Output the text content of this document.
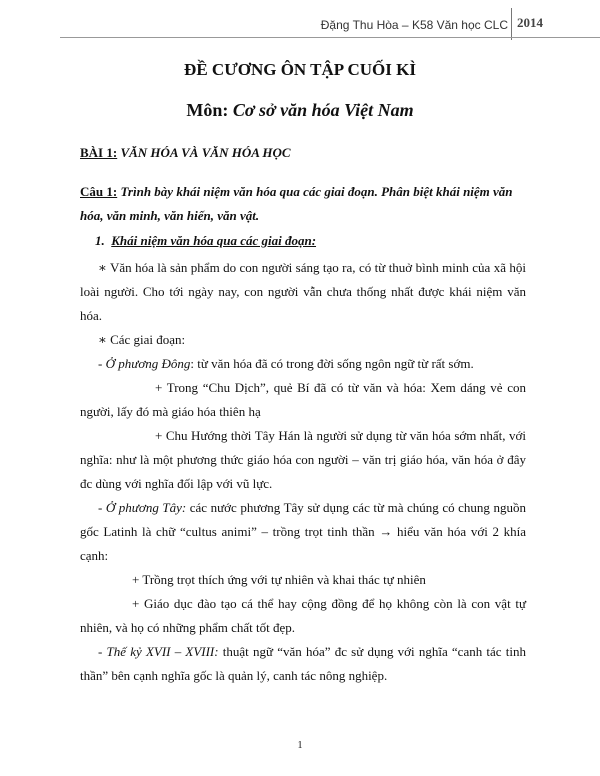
Đặng Thu Hòa – K58 Văn học CLC 2014
ĐỀ CƯƠNG ÔN TẬP CUỐI KÌ
Môn: Cơ sở văn hóa Việt Nam
BÀI 1: VĂN HÓA VÀ VĂN HÓA HỌC
Câu 1: Trình bày khái niệm văn hóa qua các giai đoạn. Phân biệt khái niệm văn hóa, văn minh, văn hiến, văn vật.
1. Khái niệm văn hóa qua các giai đoạn:
∗ Văn hóa là sản phẩm do con người sáng tạo ra, có từ thuở bình minh của xã hội loài người. Cho tới ngày nay, con người vẫn chưa thống nhất được khái niệm văn hóa.
∗ Các giai đoạn:
- Ở phương Đông: từ văn hóa đã có trong đời sống ngôn ngữ từ rất sớm.
+ Trong “Chu Dịch”, quẻ Bí đã có từ văn và hóa: Xem dáng vẻ con người, lấy đó mà giáo hóa thiên hạ
+ Chu Hướng thời Tây Hán là người sử dụng từ văn hóa sớm nhất, với nghĩa: như là một phương thức giáo hóa con người – văn trị giáo hóa, văn hóa ở đây đc dùng với nghĩa đối lập với vũ lực.
- Ở phương Tây: các nước phương Tây sử dụng các từ mà chúng có chung nguồn gốc Latinh là chữ “cultus animi” – trồng trọt tinh thần → hiểu văn hóa với 2 khía cạnh:
+ Trồng trọt thích ứng với tự nhiên và khai thác tự nhiên
+ Giáo dục đào tạo cá thể hay cộng đồng để họ không còn là con vật tự nhiên, và họ có những phẩm chất tốt đẹp.
- Thế kỷ XVII – XVIII: thuật ngữ “văn hóa” đc sử dụng với nghĩa “canh tác tinh thần” bên cạnh nghĩa gốc là quản lý, canh tác nông nghiệp.
1
